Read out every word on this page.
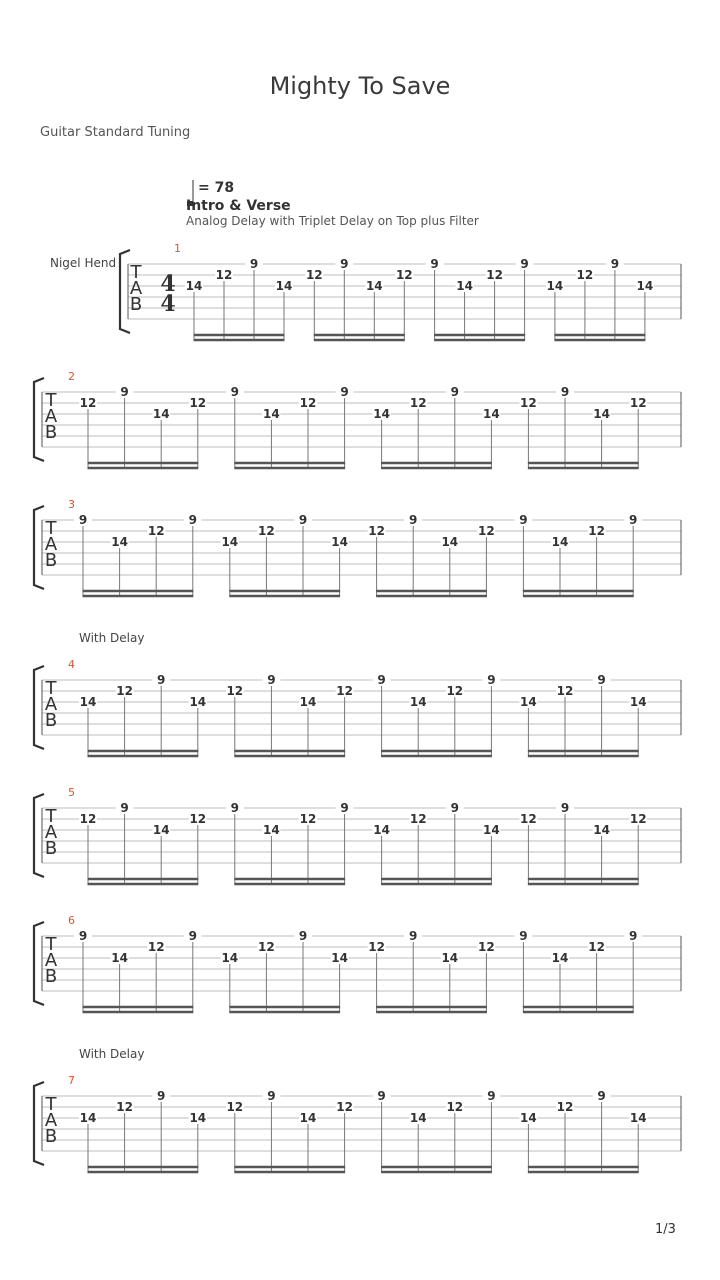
Mighty To Save
Guitar Standard Tuning
= 78
Intro & Verse
Analog Delay with Triplet Delay on Top plus Filter
Nigel Hend T
A
B
4
4
1
14
12
9
14
12
9
14
12
9
14
12
9
14
12
9
14
T
A
B
2
12
9
14
12
9
14
12
9
14
12
9
14
12
9
14
12
T
A
B
3
9
14
12
9
14
12
9
14
12
9
14
12
9
14
12
9
T
A
B
4
With Delay
14
12
9
14
12
9
14
12
9
14
12
9
14
12
9
14
T
A
B
5
12
9
14
12
9
14
12
9
14
12
9
14
12
9
14
12
T
A
B
6
9
14
12
9
14
12
9
14
12
9
14
12
9
14
12
9
T
A
B
7
With Delay
14
12
9
14
12
9
14
12
9
14
12
9
14
12
9
14
1/3
